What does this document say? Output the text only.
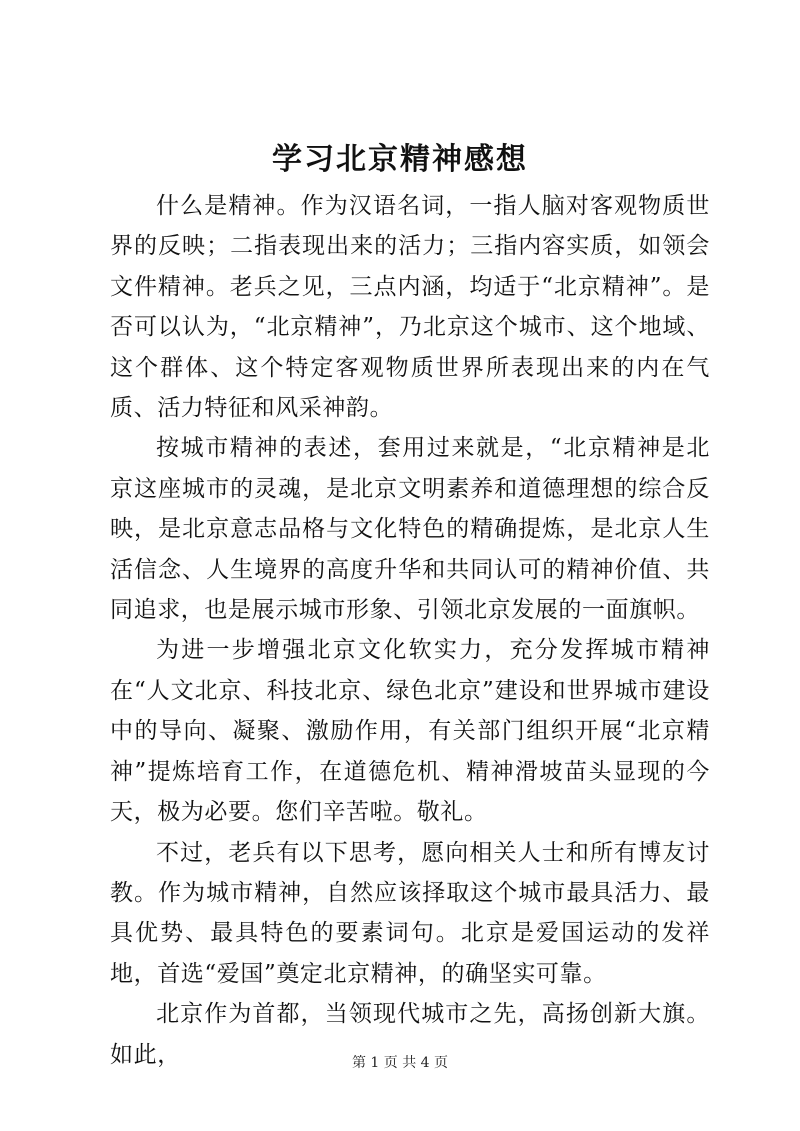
学习北京精神感想

什么是精神。作为汉语名词，一指人脑对客观物质世界的反映；二指表现出来的活力；三指内容实质，如领会文件精神。老兵之见，三点内涵，均适于“北京精神”。是否可以认为，“北京精神”，乃北京这个城市、这个地域、这个群体、这个特定客观物质世界所表现出来的内在气质、活力特征和风采神韵。

按城市精神的表述，套用过来就是，“北京精神是北京这座城市的灵魂，是北京文明素养和道德理想的综合反映，是北京意志品格与文化特色的精确提炼，是北京人生活信念、人生境界的高度升华和共同认可的精神价值、共同追求，也是展示城市形象、引领北京发展的一面旗帜。

为进一步增强北京文化软实力，充分发挥城市精神在“人文北京、科技北京、绿色北京”建设和世界城市建设中的导向、凝聚、激励作用，有关部门组织开展“北京精神”提炼培育工作，在道德危机、精神滑坡苗头显现的今天，极为必要。您们辛苦啦。敬礼。

不过，老兵有以下思考，愿向相关人士和所有博友讨教。作为城市精神，自然应该择取这个城市最具活力、最具优势、最具特色的要素词句。北京是爱国运动的发祥地，首选“爱国”奠定北京精神，的确坚实可靠。

北京作为首都，当领现代城市之先，高扬创新大旗。如此，	第 1 页 共 4 页
